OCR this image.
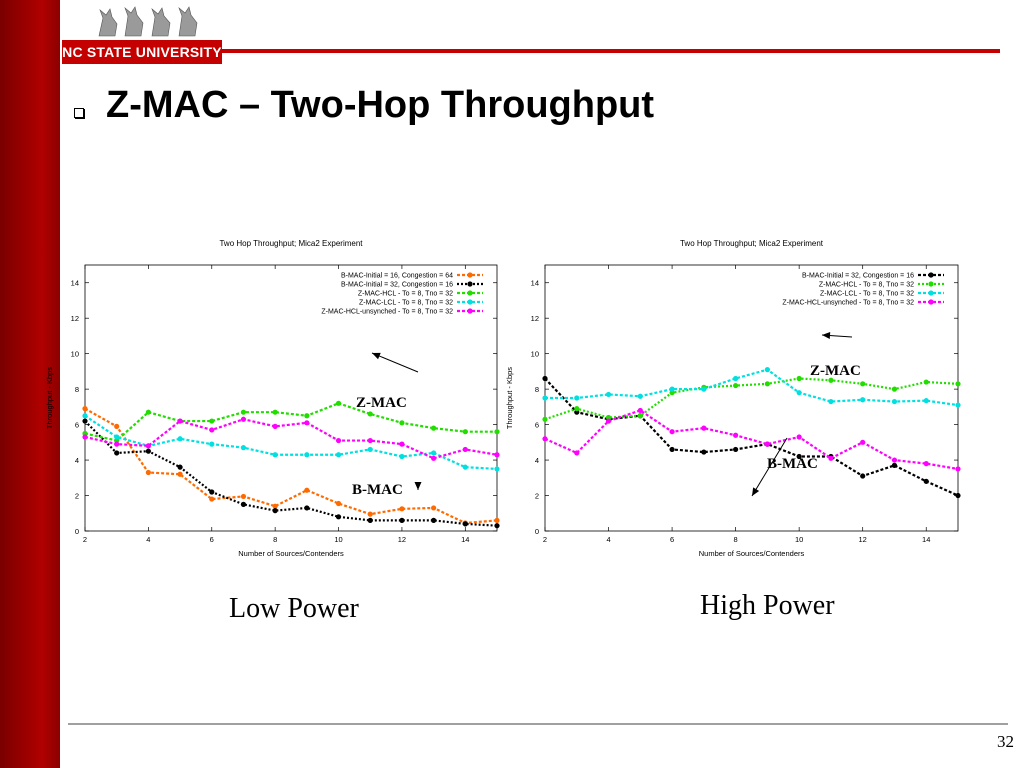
NC STATE UNIVERSITY
Z-MAC – Two-Hop Throughput
Two Hop Throughput; Mica2 Experiment
0
2
4
6
8
10
12
14
2	4	6	8	10	12	14
Number of Sources/Contenders
Throughput - Kbps
B-MAC-Initial = 16, Congestion = 64
B-MAC-Initial = 32, Congestion = 16
Z-MAC-HCL - To = 8, Tno = 32
Z-MAC-LCL - To = 8, Tno = 32
Z-MAC-HCL-unsynched - To = 8, Tno = 32
Z-MAC
B-MAC
Two Hop Throughput; Mica2 Experiment
0
2
4
6
8
10
12
14
2	4	6	8	10	12	14
Number of Sources/Contenders
Throughput - Kbps
B-MAC-Initial = 32, Congestion = 16
Z-MAC-HCL - To = 8, Tno = 32
Z-MAC-LCL - To = 8, Tno = 32
Z-MAC-HCL-unsynched - To = 8, Tno = 32
Z-MAC
B-MAC
Low Power	High Power
32
